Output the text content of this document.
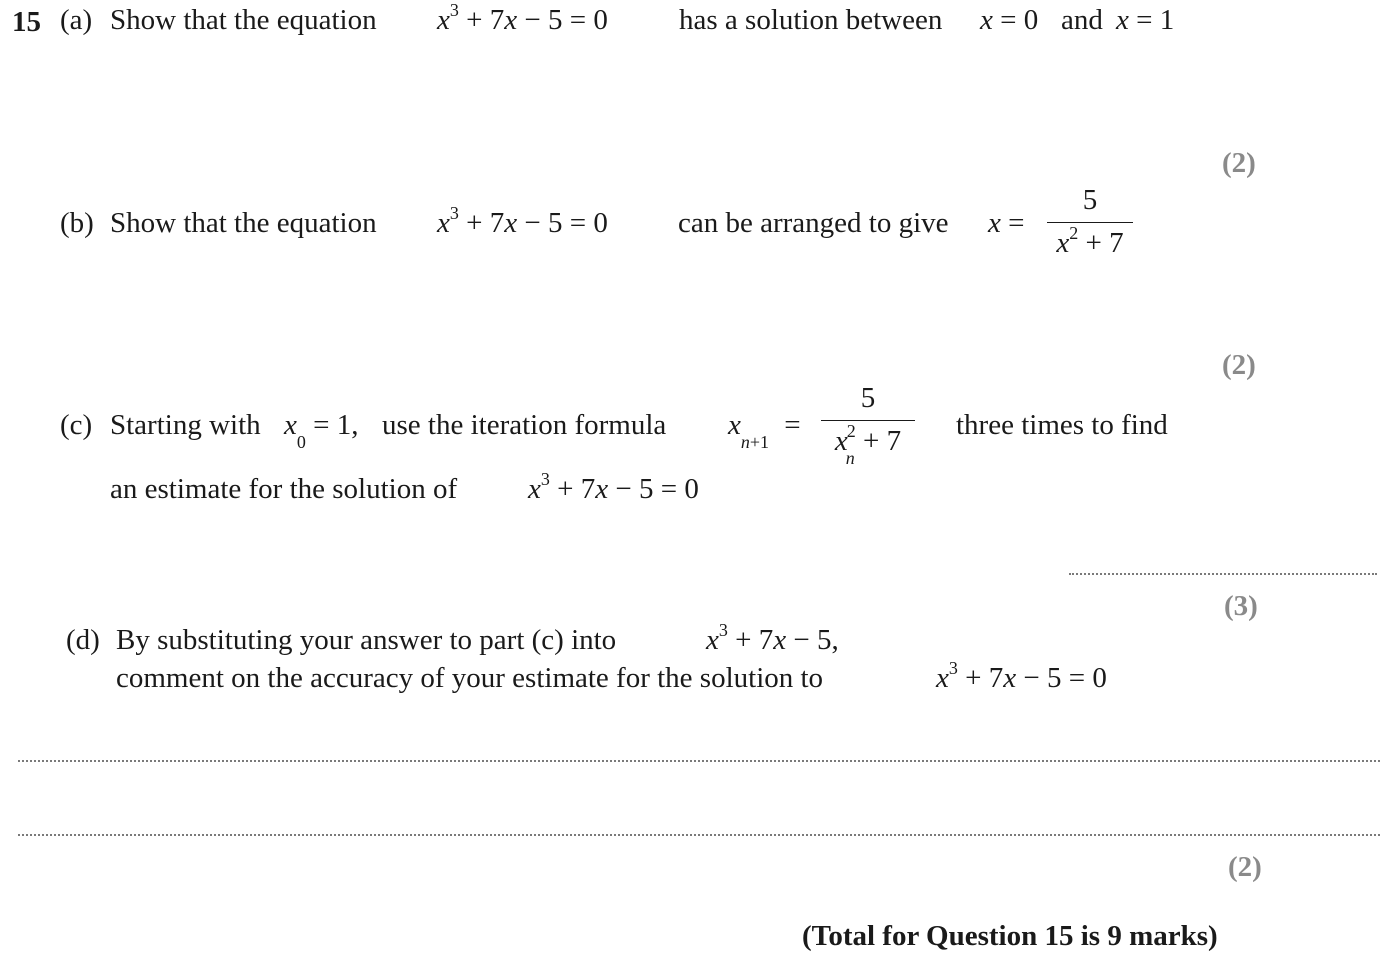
15 (a) Show that the equation $x^3 + 7x - 5 = 0$ has a solution between x = 0 and x = 1
(2)
(b) Show that the equation $x^3 + 7x - 5 = 0$ can be arranged to give x =
5
$x^2 + 7$
(2)
(c) Starting with $x_0 = 1$, use the iteration formula $x_{n+1}$ =
5
$x_n^2 + 7$	three times to find
an estimate for the solution of $x^3 + 7x - 5 = 0$
(3)
(d) By substituting your answer to part (c) into	$x^3 + 7x - 5$,
comment on the accuracy of your estimate for the solution to	$x^3 + 7x - 5 = 0$
(2)
(Total for Question 15 is 9 marks)
